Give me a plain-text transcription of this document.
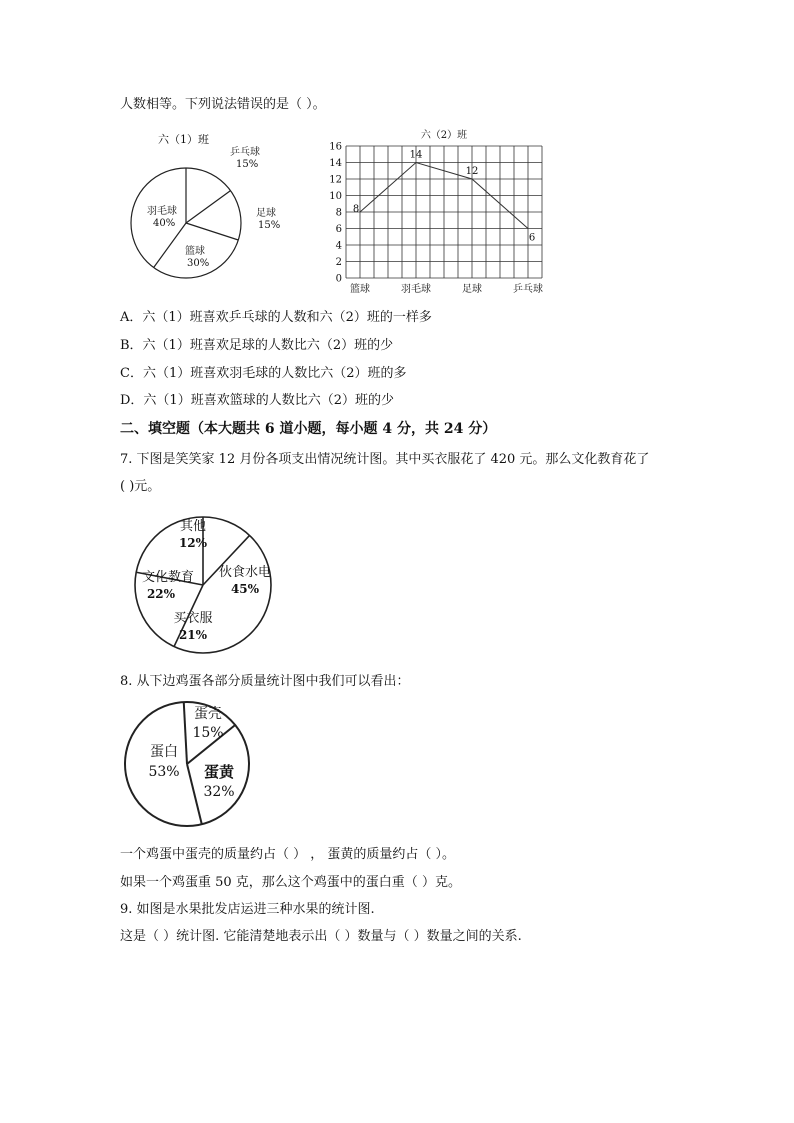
人数相等。下列说法错误的是（ ）。
六（1）班
乒乓球
15%
足球
15%
篮球
30%
羽毛球
40%
六（2）班
0
2
4
6
8
10
12
14
16
篮球	羽毛球	足球	乒乓球
8
14
12
6
A．六（1）班喜欢乒乓球的人数和六（2）班的一样多
B．六（1）班喜欢足球的人数比六（2）班的少
C．六（1）班喜欢羽毛球的人数比六（2）班的多
D．六（1）班喜欢篮球的人数比六（2）班的少
二、填空题（本大题共 6 道小题，每小题 4 分，共 24 分）
7. 下图是笑笑家 12 月份各项支出情况统计图。其中买衣服花了 420 元。那么文化教育花了
( )元。
其他
12%
伙食水电
45%
买衣服
21%
文化教育
22%
8. 从下边鸡蛋各部分质量统计图中我们可以看出：
蛋壳
15%
蛋黄
32%
蛋白
53%
一个鸡蛋中蛋壳的质量约占（ ） ， 蛋黄的质量约占（ ）。
如果一个鸡蛋重 50 克，那么这个鸡蛋中的蛋白重（ ）克。
9. 如图是水果批发店运进三种水果的统计图.
这是（ ）统计图. 它能清楚地表示出（ ）数量与（ ）数量之间的关系.
